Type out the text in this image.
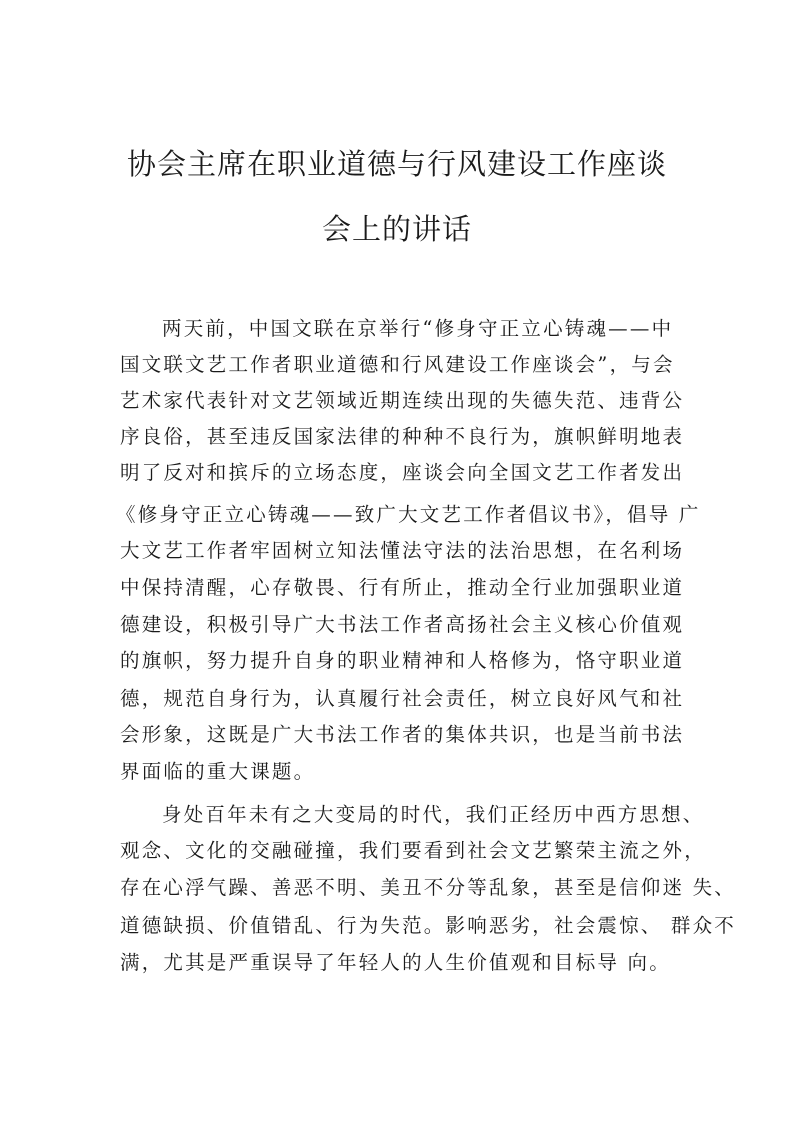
协会主席在职业道德与行风建设工作座谈
会上的讲话
两天前，中国文联在京举行“修身守正立心铸魂——中
国文联文艺工作者职业道德和行风建设工作座谈会”，与会
艺术家代表针对文艺领域近期连续出现的失德失范、违背公
序良俗，甚至违反国家法律的种种不良行为，旗帜鲜明地表
明了反对和摈斥的立场态度，座谈会向全国文艺工作者发出
《修身守正立心铸魂——致广大文艺工作者倡议书》，倡导 广
大文艺工作者牢固树立知法懂法守法的法治思想，在名利场
中保持清醒，心存敬畏、行有所止，推动全行业加强职业道
德建设，积极引导广大书法工作者高扬社会主义核心价值观
的旗帜，努力提升自身的职业精神和人格修为，恪守职业道
德，规范自身行为，认真履行社会责任，树立良好风气和社
会形象，这既是广大书法工作者的集体共识，也是当前书法
界面临的重大课题。
身处百年未有之大变局的时代，我们正经历中西方思想、
观念、文化的交融碰撞，我们要看到社会文艺繁荣主流之外，
存在心浮气躁、善恶不明、美丑不分等乱象，甚至是信仰迷 失、
道德缺损、价值错乱、行为失范。影响恶劣，社会震惊、 群众不
满，尤其是严重误导了年轻人的人生价值观和目标导 向。
